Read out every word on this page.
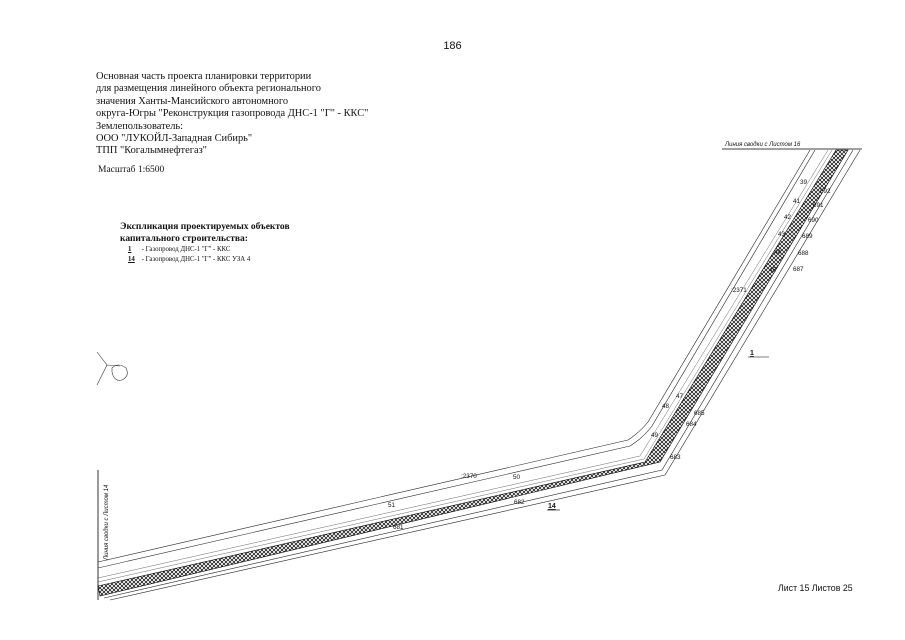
186
Основная часть проекта планировки территории
для размещения линейного объекта регионального
значения Ханты-Мансийского автономного
округа-Югры "Реконструкция газопровода ДНС-1 "Г" - ККС"
Землепользователь:
ООО "ЛУКОЙЛ-Западная Сибирь"
ТПП "Когалымнефтегаз"
Масштаб 1:6500
Экспликация проектируемых объектов
капитального строительства:
1 - Газопровод ДНС-1 "Г" - ККС
14 - Газопровод ДНС-1 "Г" - ККС УЗА 4
Линия сводки с Листом 16
Линия сводки с Листом 14
:2370
:2371
1
14
39
41
42
43
44
45
47
48
49
50
51
692
691
690
689
688
687
685
684
683
682
681
Лист 15 Листов 25
